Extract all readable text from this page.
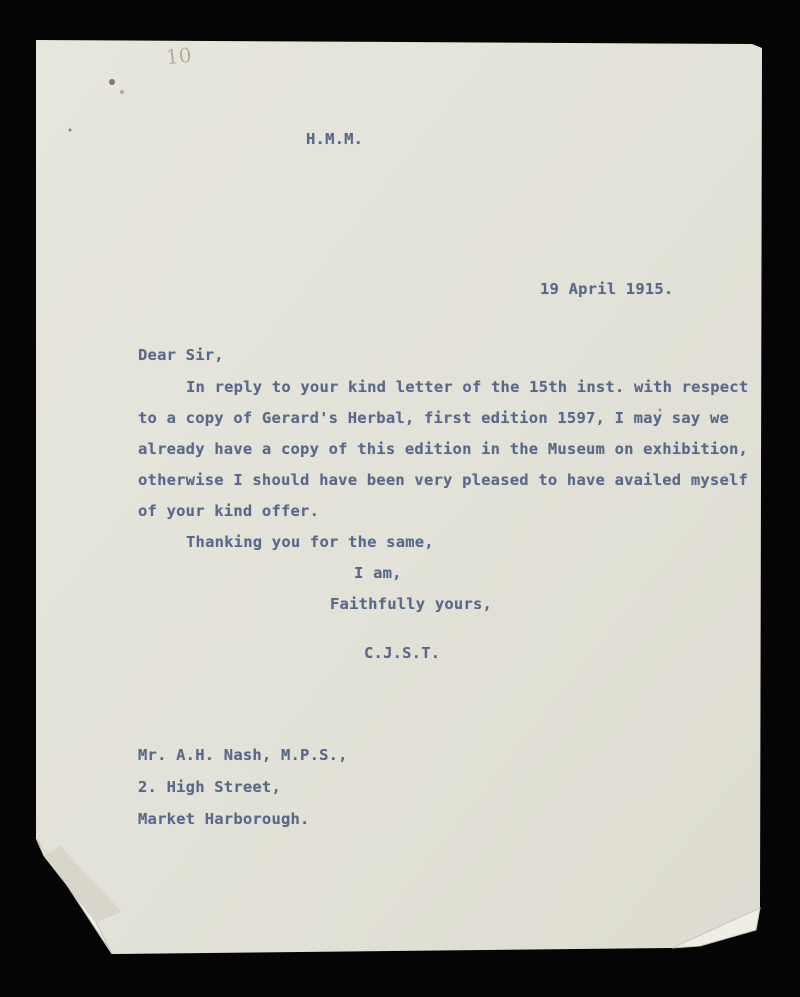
10
H.M.M.
19 April 1915.
Dear Sir,
In reply to your kind letter of the 15th inst. with respect
to a copy of Gerard's Herbal, first edition 1597, I may say we
already have a copy of this edition in the Museum on exhibition,
otherwise I should have been very pleased to have availed myself
of your kind offer.
Thanking you for the same,
I am,
Faithfully yours,
C.J.S.T.
Mr. A.H. Nash, M.P.S.,
2. High Street,
Market Harborough.
